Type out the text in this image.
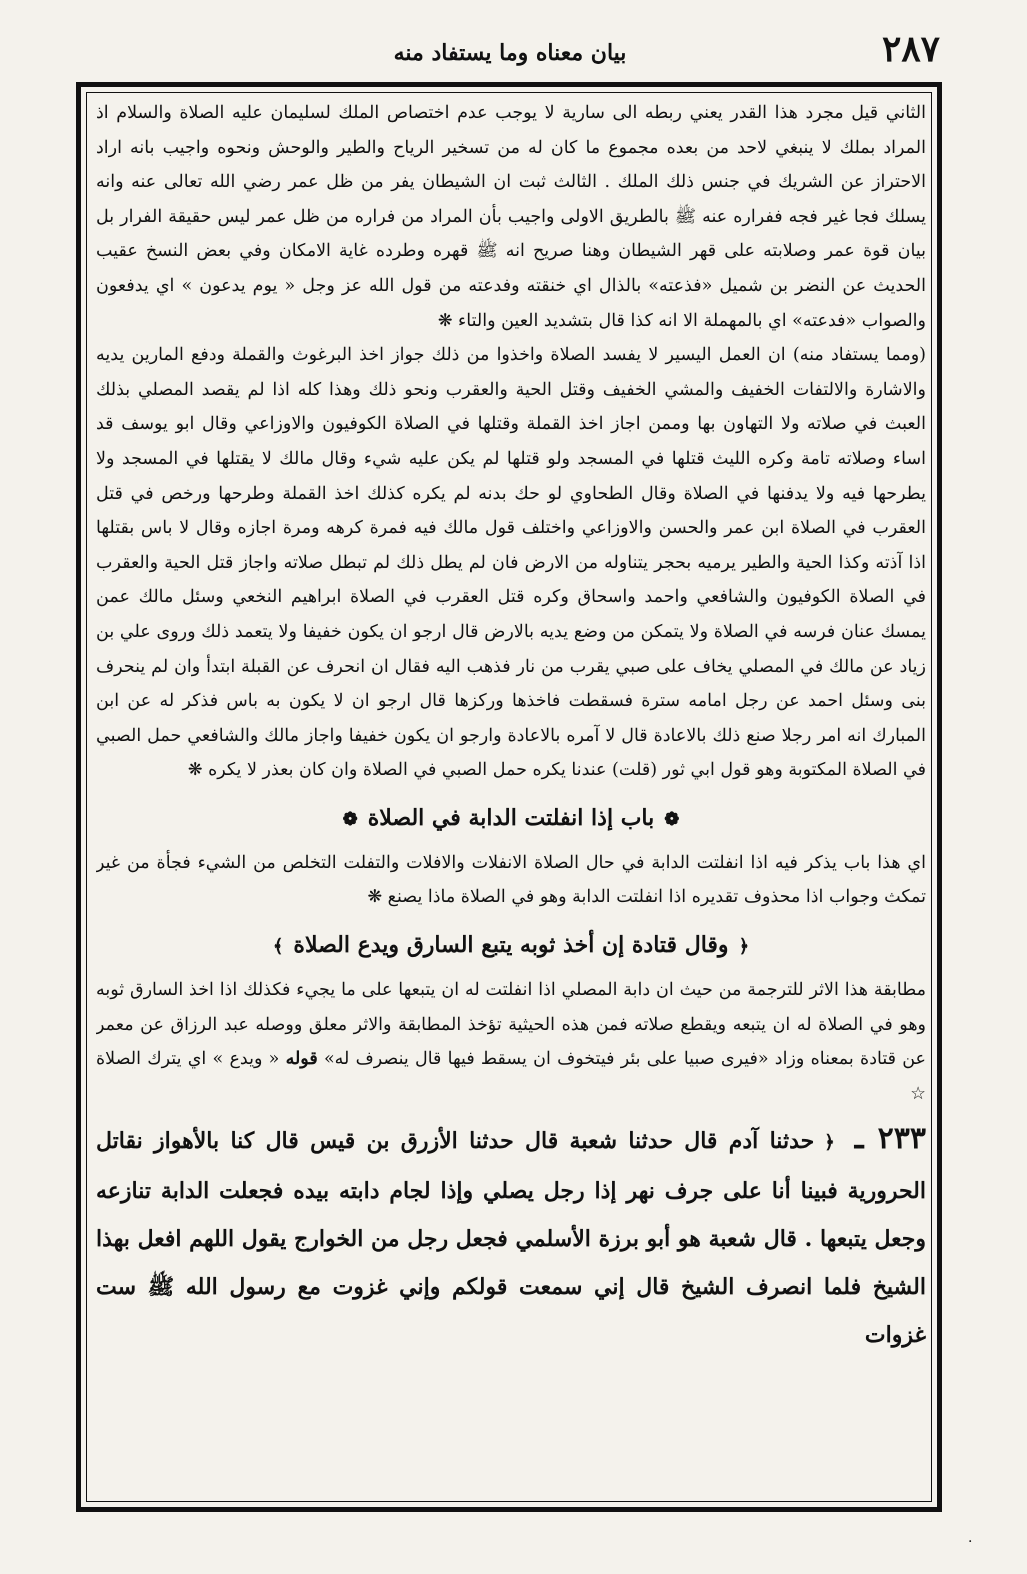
٢٨٧
بيان معناه وما يستفاد منه

الثاني قيل مجرد هذا القدر يعني ربطه الى سارية لا يوجب عدم اختصاص الملك لسليمان عليه الصلاة والسلام اذ المراد بملك لا ينبغي لاحد من بعده مجموع ما كان له من تسخير الرياح والطير والوحش ونحوه واجيب بانه اراد الاحتراز عن الشريك في جنس ذلك الملك . الثالث ثبت ان الشيطان يفر من ظل عمر رضي الله تعالى عنه وانه يسلك فجا غير فجه ففراره عنه ﷺ بالطريق الاولى واجيب بأن المراد من فراره من ظل عمر ليس حقيقة الفرار بل بيان قوة عمر وصلابته على قهر الشيطان وهنا صريح انه ﷺ قهره وطرده غاية الامكان وفي بعض النسخ عقيب الحديث عن النضر بن شميل «فذعته» بالذال اي خنقته وفدعته من قول الله عز وجل « يوم يدعون » اي يدفعون والصواب «فدعته» اي بالمهملة الا انه كذا قال بتشديد العين والتاء ❋

(ومما يستفاد منه) ان العمل اليسير لا يفسد الصلاة واخذوا من ذلك جواز اخذ البرغوث والقملة ودفع المارين يديه والاشارة والالتفات الخفيف والمشي الخفيف وقتل الحية والعقرب ونحو ذلك وهذا كله اذا لم يقصد المصلي بذلك العبث في صلاته ولا التهاون بها وممن اجاز اخذ القملة وقتلها في الصلاة الكوفيون والاوزاعي وقال ابو يوسف قد اساء وصلاته تامة وكره الليث قتلها في المسجد ولو قتلها لم يكن عليه شيء وقال مالك لا يقتلها في المسجد ولا يطرحها فيه ولا يدفنها في الصلاة وقال الطحاوي لو حك بدنه لم يكره كذلك اخذ القملة وطرحها ورخص في قتل العقرب في الصلاة ابن عمر والحسن والاوزاعي واختلف قول مالك فيه فمرة كرهه ومرة اجازه وقال لا باس بقتلها اذا آذته وكذا الحية والطير يرميه بحجر يتناوله من الارض فان لم يطل ذلك لم تبطل صلاته واجاز قتل الحية والعقرب في الصلاة الكوفيون والشافعي واحمد واسحاق وكره قتل العقرب في الصلاة ابراهيم النخعي وسئل مالك عمن يمسك عنان فرسه في الصلاة ولا يتمكن من وضع يديه بالارض قال ارجو ان يكون خفيفا ولا يتعمد ذلك وروى علي بن زياد عن مالك في المصلي يخاف على صبي يقرب من نار فذهب اليه فقال ان انحرف عن القبلة ابتدأ وان لم ينحرف بنى وسئل احمد عن رجل امامه سترة فسقطت فاخذها وركزها قال ارجو ان لا يكون به باس فذكر له عن ابن المبارك انه امر رجلا صنع ذلك بالاعادة قال لا آمره بالاعادة وارجو ان يكون خفيفا واجاز مالك والشافعي حمل الصبي في الصلاة المكتوبة وهو قول ابي ثور (قلت) عندنا يكره حمل الصبي في الصلاة وان كان بعذر لا يكره ❋

❁باب إذا انفلتت الدابة في الصلاة❁

اي هذا باب يذكر فيه اذا انفلتت الدابة في حال الصلاة الانفلات والافلات والتفلت التخلص من الشيء فجأة من غير تمكث وجواب اذا محذوف تقديره اذا انفلتت الدابة وهو في الصلاة ماذا يصنع ❋

﴿وقال قتادة إن أخذ ثوبه يتبع السارق ويدع الصلاة﴾

مطابقة هذا الاثر للترجمة من حيث ان دابة المصلي اذا انفلتت له ان يتبعها على ما يجيء فكذلك اذا اخذ السارق ثوبه وهو في الصلاة له ان يتبعه ويقطع صلاته فمن هذه الحيثية تؤخذ المطابقة والاثر معلق ووصله عبد الرزاق عن معمر عن قتادة بمعناه وزاد «فيرى صبيا على بئر فيتخوف ان يسقط فيها قال ينصرف له» قوله « ويدع » اي يترك الصلاة ☆

٢٣٣ ـ﴿حدثنا آدم قال حدثنا شعبة قال حدثنا الأزرق بن قيس قال كنا بالأهواز نقاتل الحرورية فبينا أنا على جرف نهر إذا رجل يصلي وإذا لجام دابته بيده فجعلت الدابة تنازعه وجعل يتبعها . قال شعبة هو أبو برزة الأسلمي فجعل رجل من الخوارج يقول اللهم افعل بهذا الشيخ فلما انصرف الشيخ قال إني سمعت قولكم وإني غزوت مع رسول الله ﷺ ست غزوات

·
